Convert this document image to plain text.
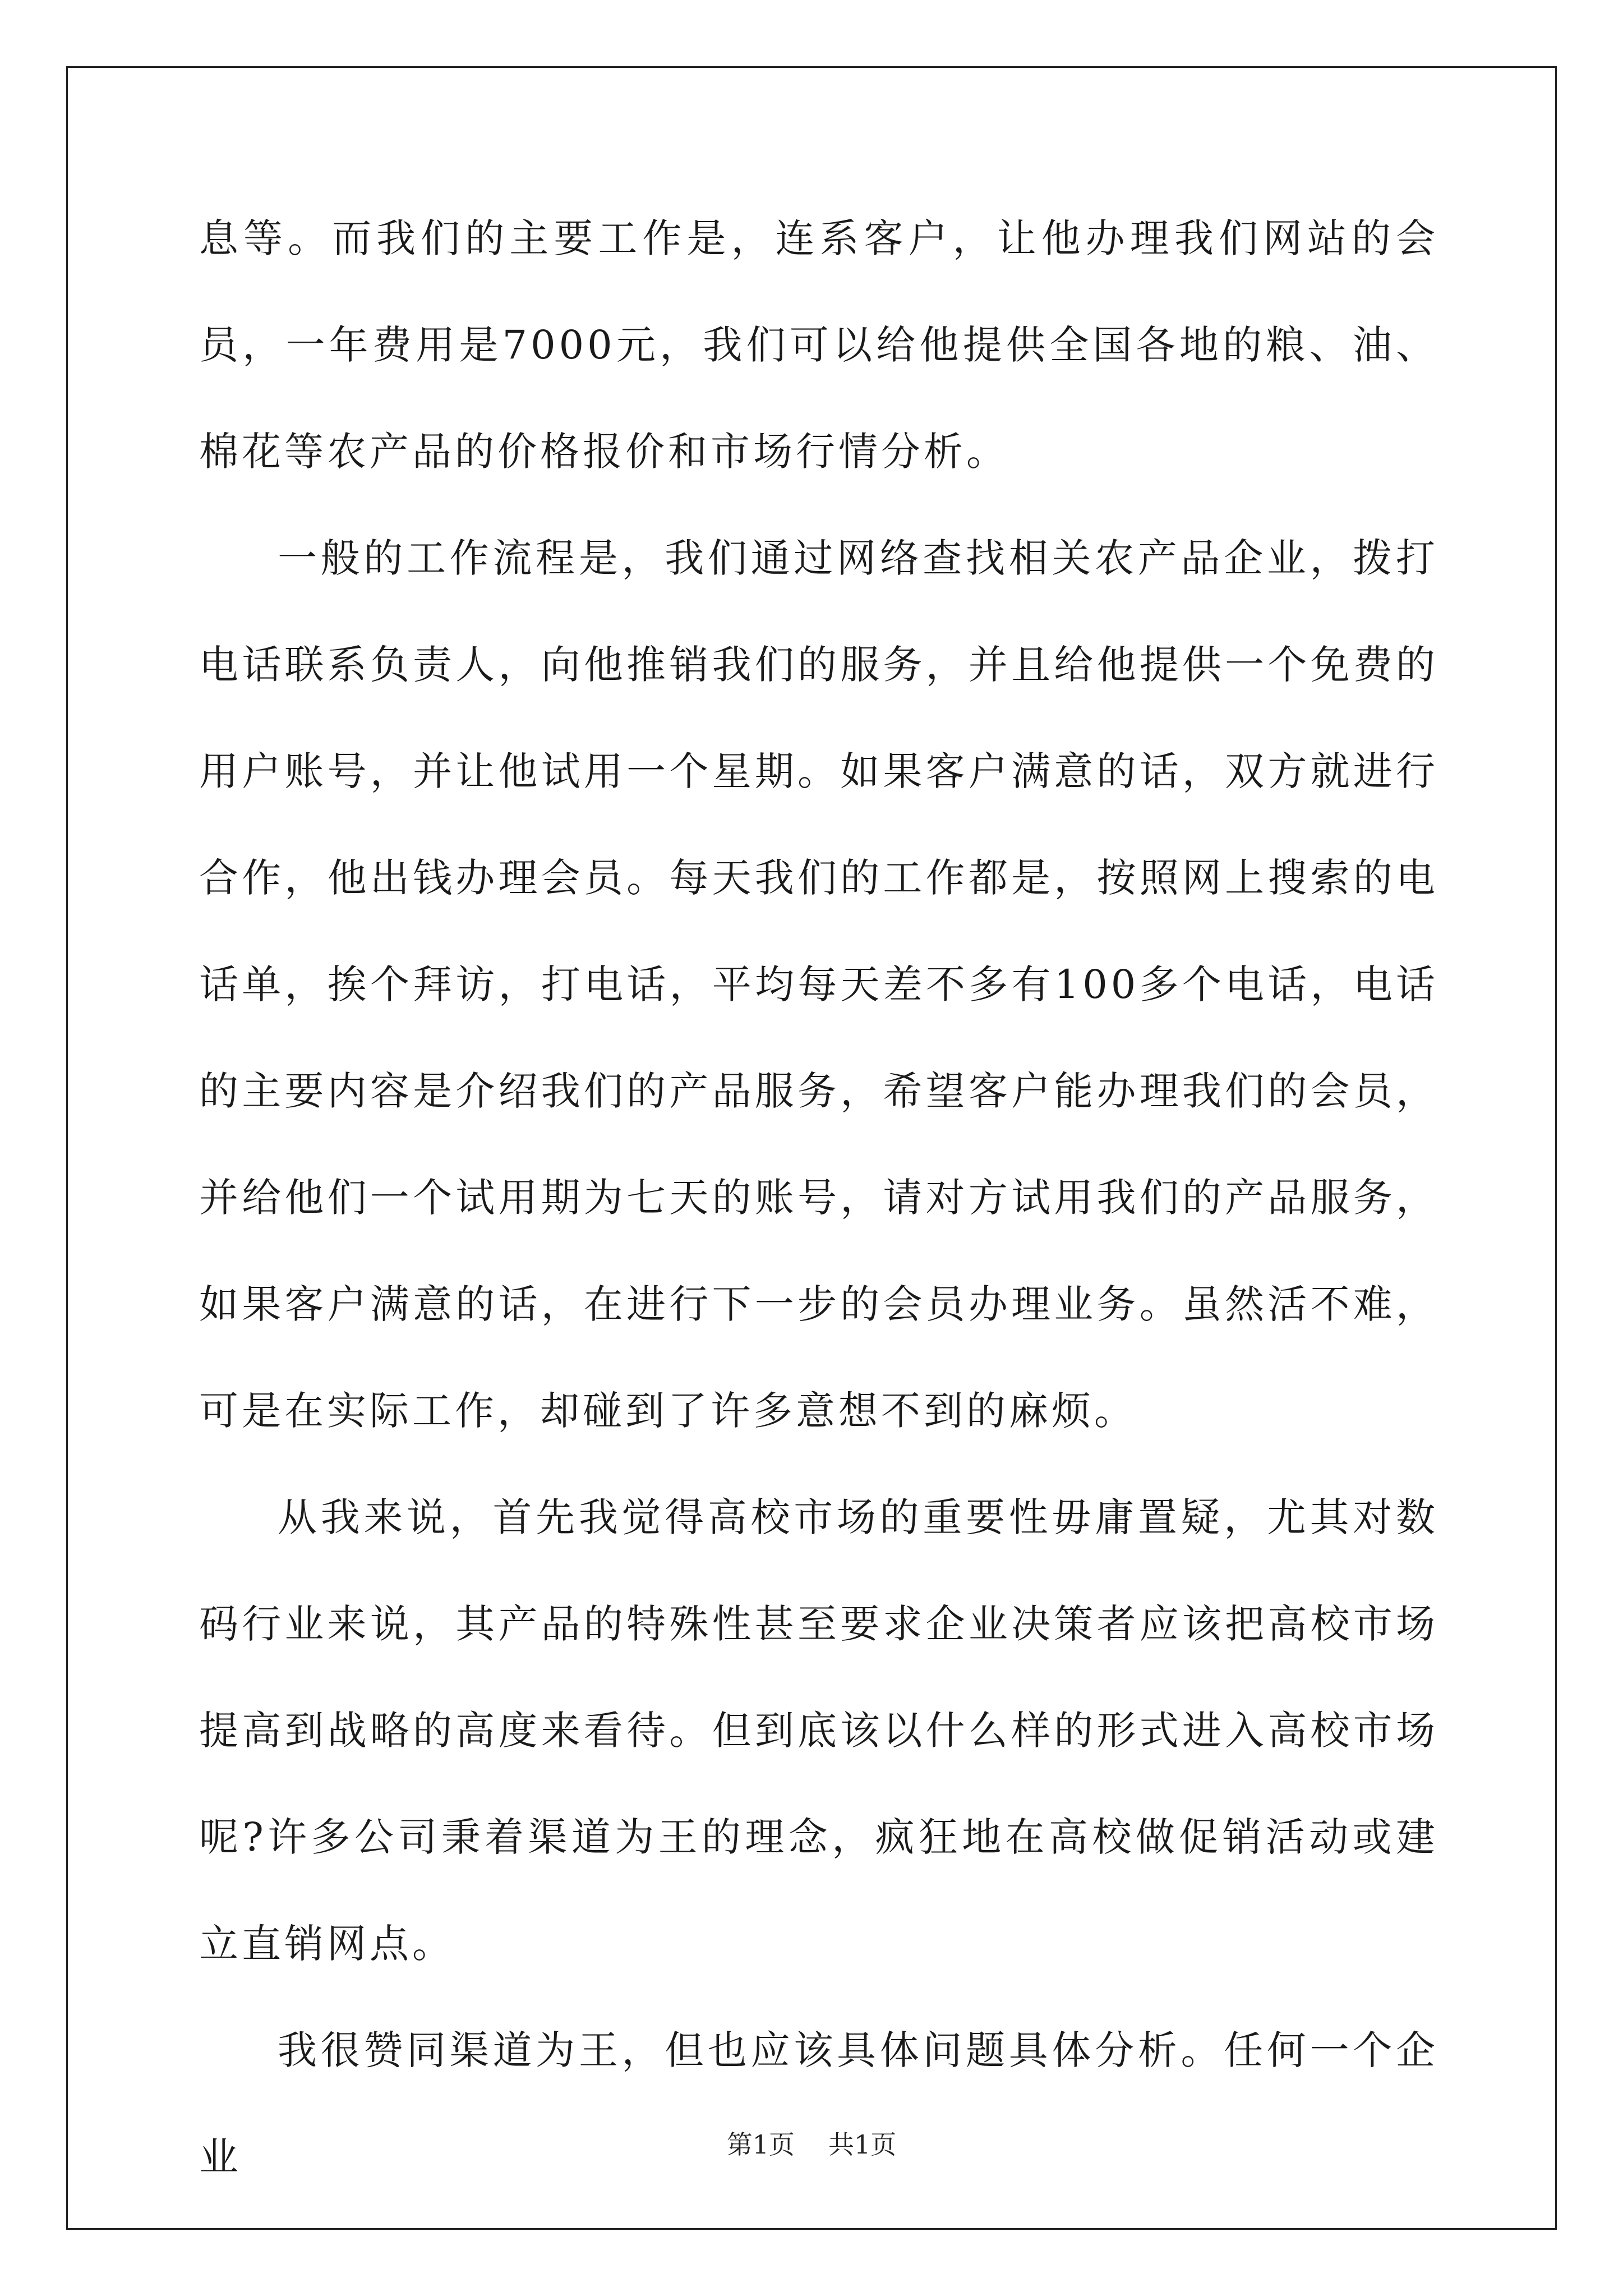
息等。而我们的主要工作是，连系客户，让他办理我们网站的会员，一年费用是7000元，我们可以给他提供全国各地的粮、油、棉花等农产品的价格报价和市场行情分析。

一般的工作流程是，我们通过网络查找相关农产品企业，拨打电话联系负责人，向他推销我们的服务，并且给他提供一个免费的用户账号，并让他试用一个星期。如果客户满意的话，双方就进行合作，他出钱办理会员。每天我们的工作都是，按照网上搜索的电话单，挨个拜访，打电话，平均每天差不多有100多个电话，电话的主要内容是介绍我们的产品服务，希望客户能办理我们的会员，并给他们一个试用期为七天的账号，请对方试用我们的产品服务，如果客户满意的话，在进行下一步的会员办理业务。虽然活不难，可是在实际工作，却碰到了许多意想不到的麻烦。

从我来说，首先我觉得高校市场的重要性毋庸置疑，尤其对数码行业来说，其产品的特殊性甚至要求企业决策者应该把高校市场提高到战略的高度来看待。但到底该以什么样的形式进入高校市场呢?许多公司秉着渠道为王的理念，疯狂地在高校做促销活动或建立直销网点。

我很赞同渠道为王，但也应该具体问题具体分析。任何一个企业	第1页 共1页
